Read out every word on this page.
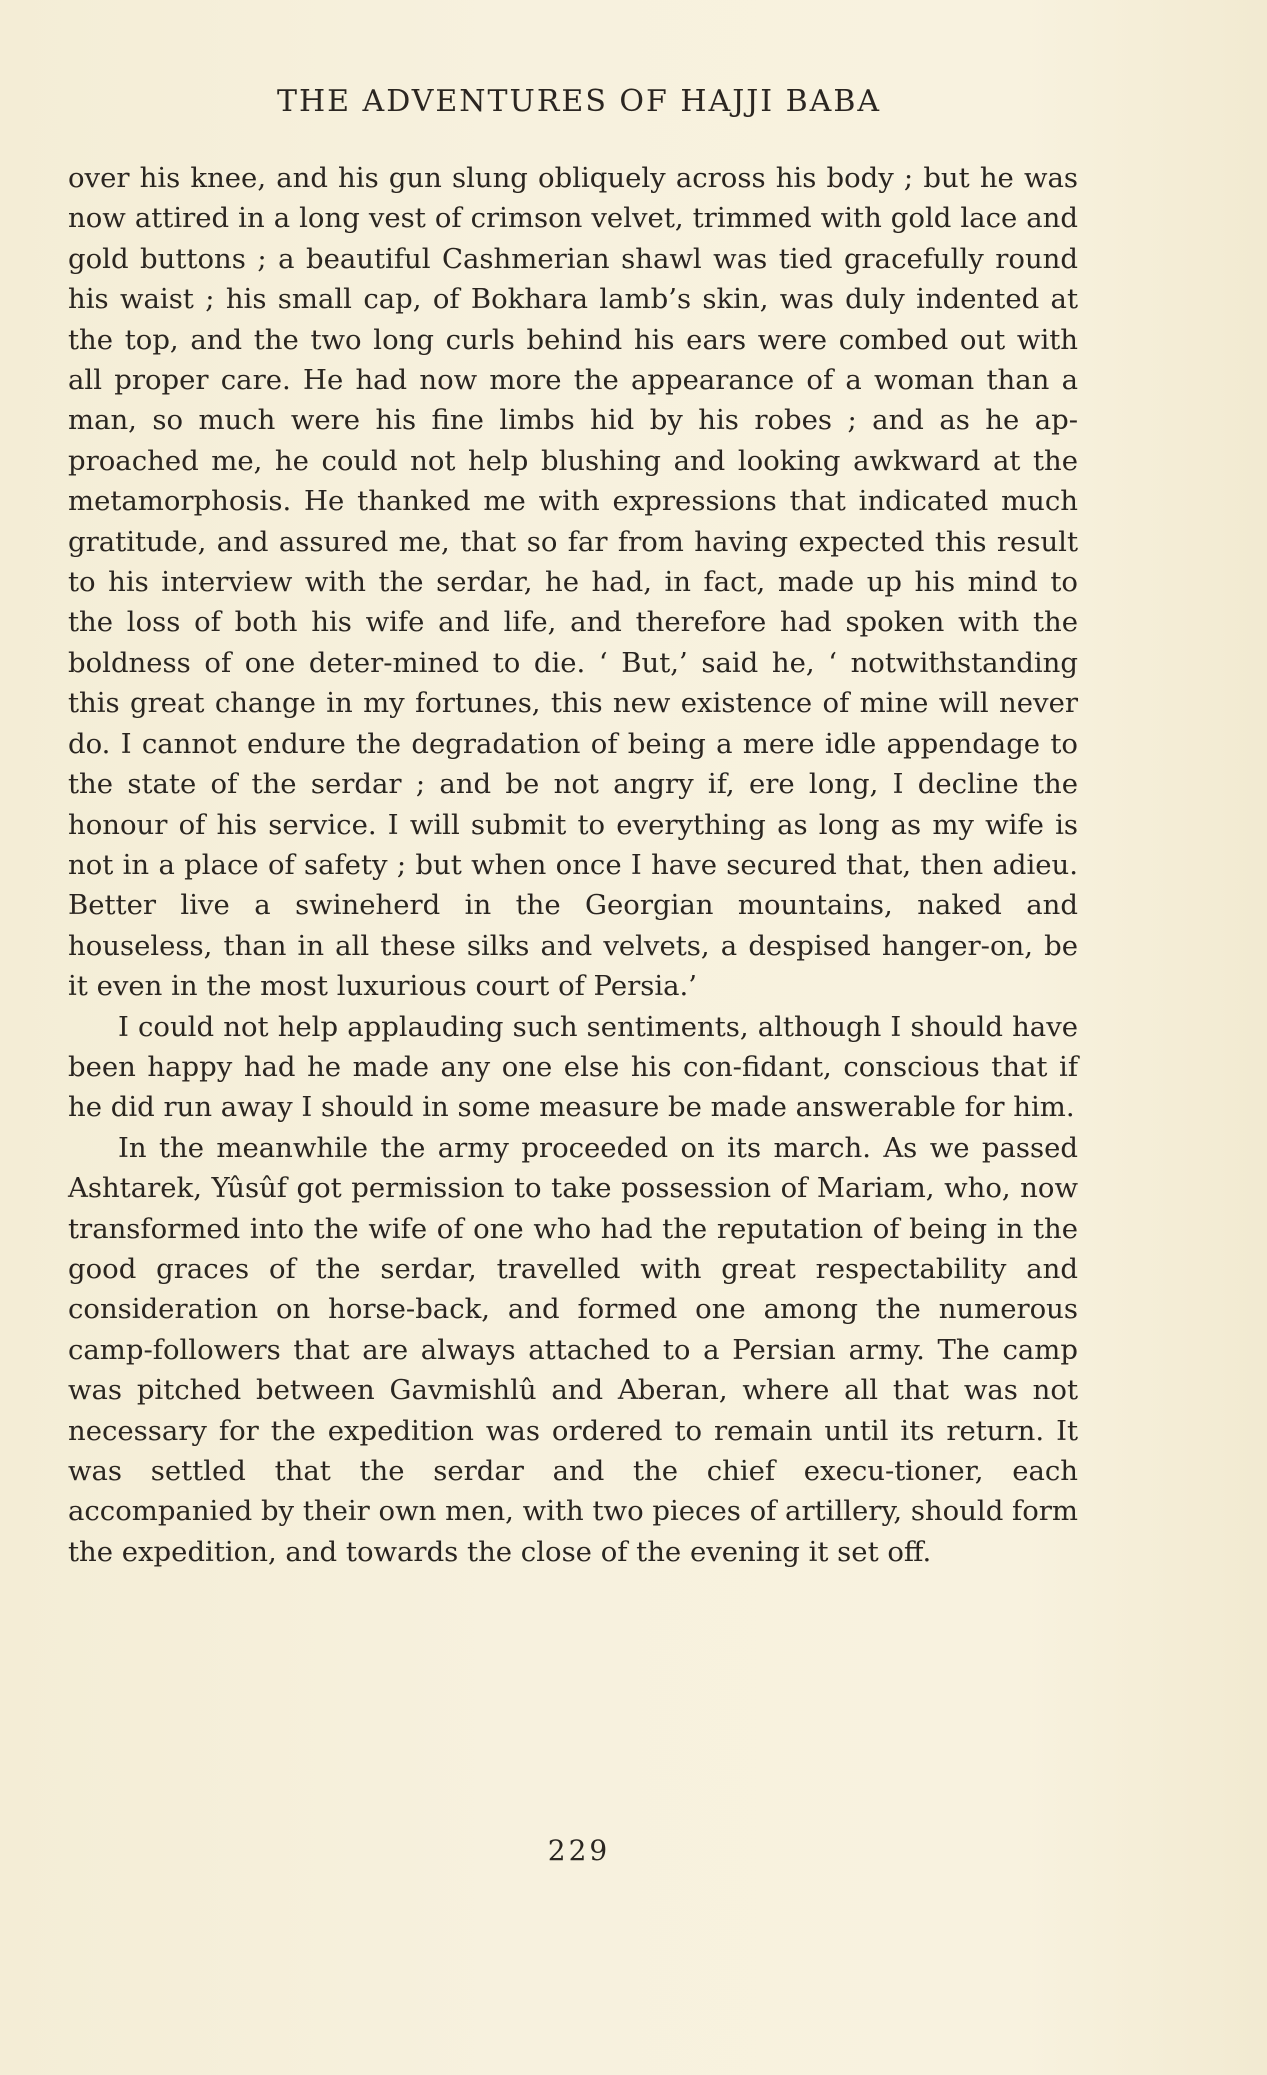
THE ADVENTURES OF HAJJI BABA

over his knee, and his gun slung obliquely across his body ; but he was now attired in a long vest of crimson velvet, trimmed with gold lace and gold buttons ; a beautiful Cashmerian shawl was tied gracefully round his waist ; his small cap, of Bokhara lamb’s skin, was duly indented at the top, and the two long curls behind his ears were combed out with all proper care. He had now more the appearance of a woman than a man, so much were his fine limbs hid by his robes ; and as he ap-proached me, he could not help blushing and looking awkward at the metamorphosis. He thanked me with expressions that indicated much gratitude, and assured me, that so far from having expected this result to his interview with the serdar, he had, in fact, made up his mind to the loss of both his wife and life, and therefore had spoken with the boldness of one deter-mined to die. ‘ But,’ said he, ‘ notwithstanding this great change in my fortunes, this new existence of mine will never do. I cannot endure the degradation of being a mere idle appendage to the state of the serdar ; and be not angry if, ere long, I decline the honour of his service. I will submit to everything as long as my wife is not in a place of safety ; but when once I have secured that, then adieu. Better live a swineherd in the Georgian mountains, naked and houseless, than in all these silks and velvets, a despised hanger-on, be it even in the most luxurious court of Persia.’

I could not help applauding such sentiments, although I should have been happy had he made any one else his con-fidant, conscious that if he did run away I should in some measure be made answerable for him.

In the meanwhile the army proceeded on its march. As we passed Ashtarek, Yûsûf got permission to take possession of Mariam, who, now transformed into the wife of one who had the reputation of being in the good graces of the serdar, travelled with great respectability and consideration on horse-back, and formed one among the numerous camp-followers that are always attached to a Persian army. The camp was pitched between Gavmishlû and Aberan, where all that was not necessary for the expedition was ordered to remain until its return. It was settled that the serdar and the chief execu-tioner, each accompanied by their own men, with two pieces of artillery, should form the expedition, and towards the close of the evening it set off.

229
